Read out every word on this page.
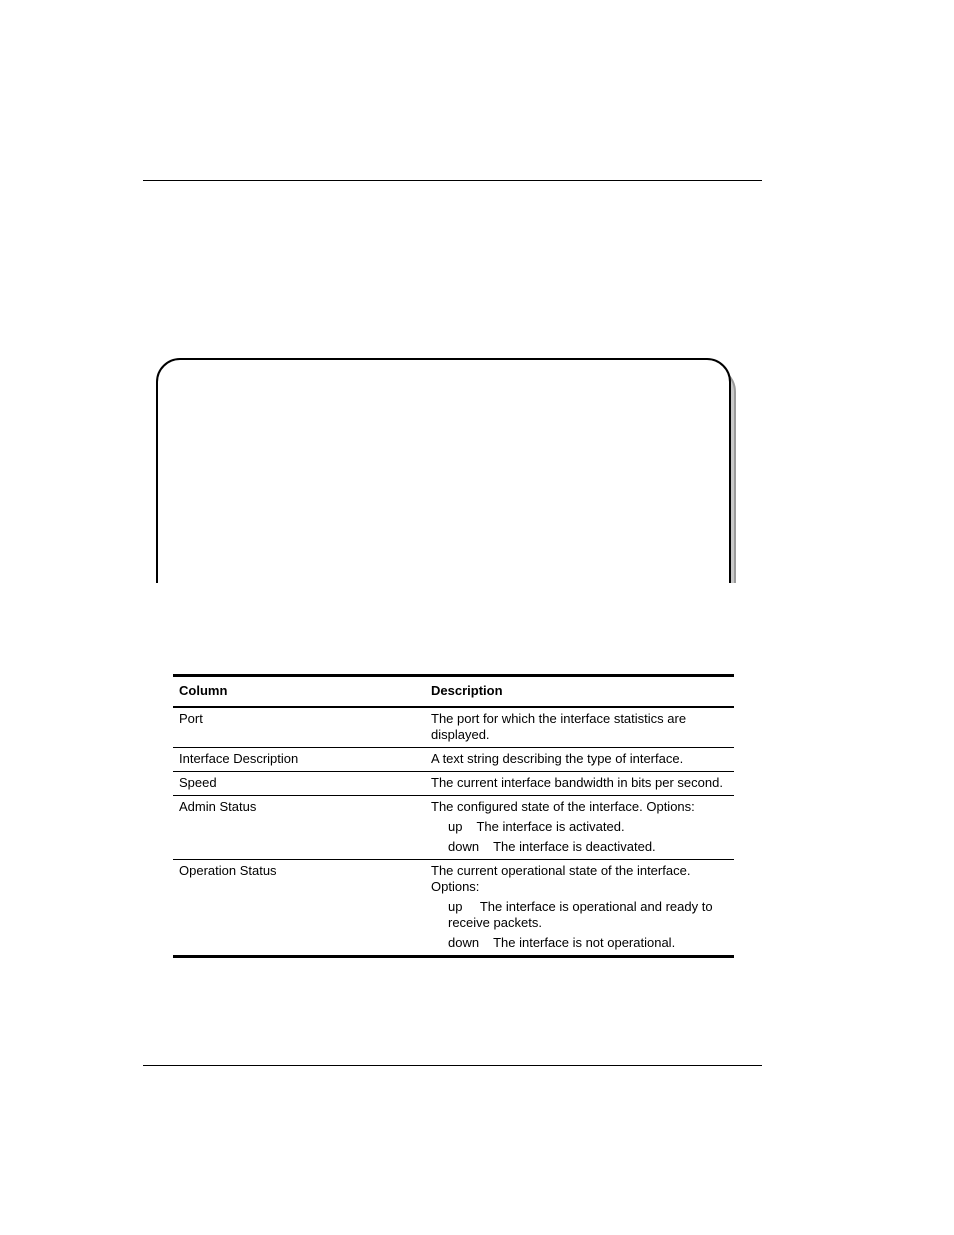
Column	Description
Port	The port for which the interface statistics are displayed.
Interface Description	A text string describing the type of interface.
Speed	The current interface bandwidth in bits per second.
Admin Status	The configured state of the interface. Options:
up The interface is activated.
down The interface is deactivated.

Operation Status	The current operational state of the interface. Options:
up The interface is operational and ready to receive packets.
down The interface is not operational.
